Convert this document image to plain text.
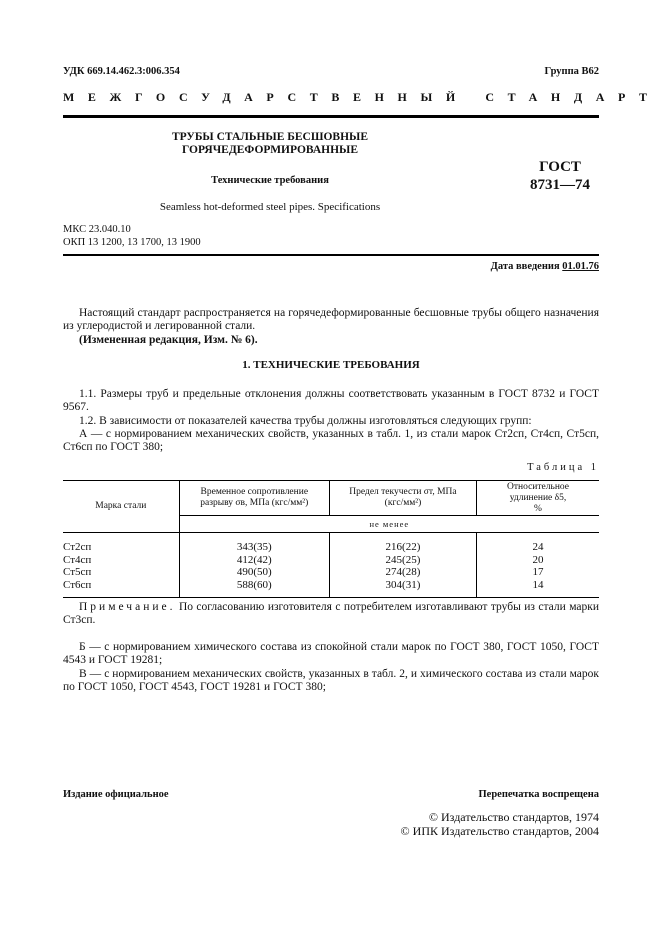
УДК 669.14.462.3:006.354	Группа В62
МЕЖГОСУДАРСТВЕННЫЙ СТАНДАРТ
ТРУБЫ СТАЛЬНЫЕ БЕСШОВНЫЕ
ГОРЯЧЕДЕФОРМИРОВАННЫЕ
Технические требования
Seamless hot-deformed steel pipes. Specifications
ГОСТ
8731—74
МКС 23.040.10
ОКП 13 1200, 13 1700, 13 1900
Дата введения 01.01.76
Настоящий стандарт распространяется на горячедеформированные бесшовные трубы общего назначения из углеродистой и легированной стали.
(Измененная редакция, Изм. № 6).
1. ТЕХНИЧЕСКИЕ ТРЕБОВАНИЯ
1.1. Размеры труб и предельные отклонения должны соответствовать указанным в ГОСТ 8732 и ГОСТ 9567.
1.2. В зависимости от показателей качества трубы должны изготовляться следующих групп:
А — с нормированием механических свойств, указанных в табл. 1, из стали марок Ст2сп, Ст4сп, Ст5сп, Ст6сп по ГОСТ 380;
Таблица 1
Марка стали	Временное сопротивление разрыву σв, МПа (кгс/мм²)	Предел текучести σт, МПа (кгс/мм²)	Относительное удлинение δ5, %
	не менее		
Ст2сп	343(35)	216(22)	24
Ст4сп	412(42)	245(25)	20
Ст5сп	490(50)	274(28)	17
Ст6сп	588(60)	304(31)	14
Примечание. По согласованию изготовителя с потребителем изготавливают трубы из стали марки Ст3сп.
Б — с нормированием химического состава из спокойной стали марок по ГОСТ 380, ГОСТ 1050, ГОСТ 4543 и ГОСТ 19281;
В — с нормированием механических свойств, указанных в табл. 2, и химического состава из стали марок по ГОСТ 1050, ГОСТ 4543, ГОСТ 19281 и ГОСТ 380;
Издание официальное	Перепечатка воспрещена
© Издательство стандартов, 1974
© ИПК Издательство стандартов, 2004
